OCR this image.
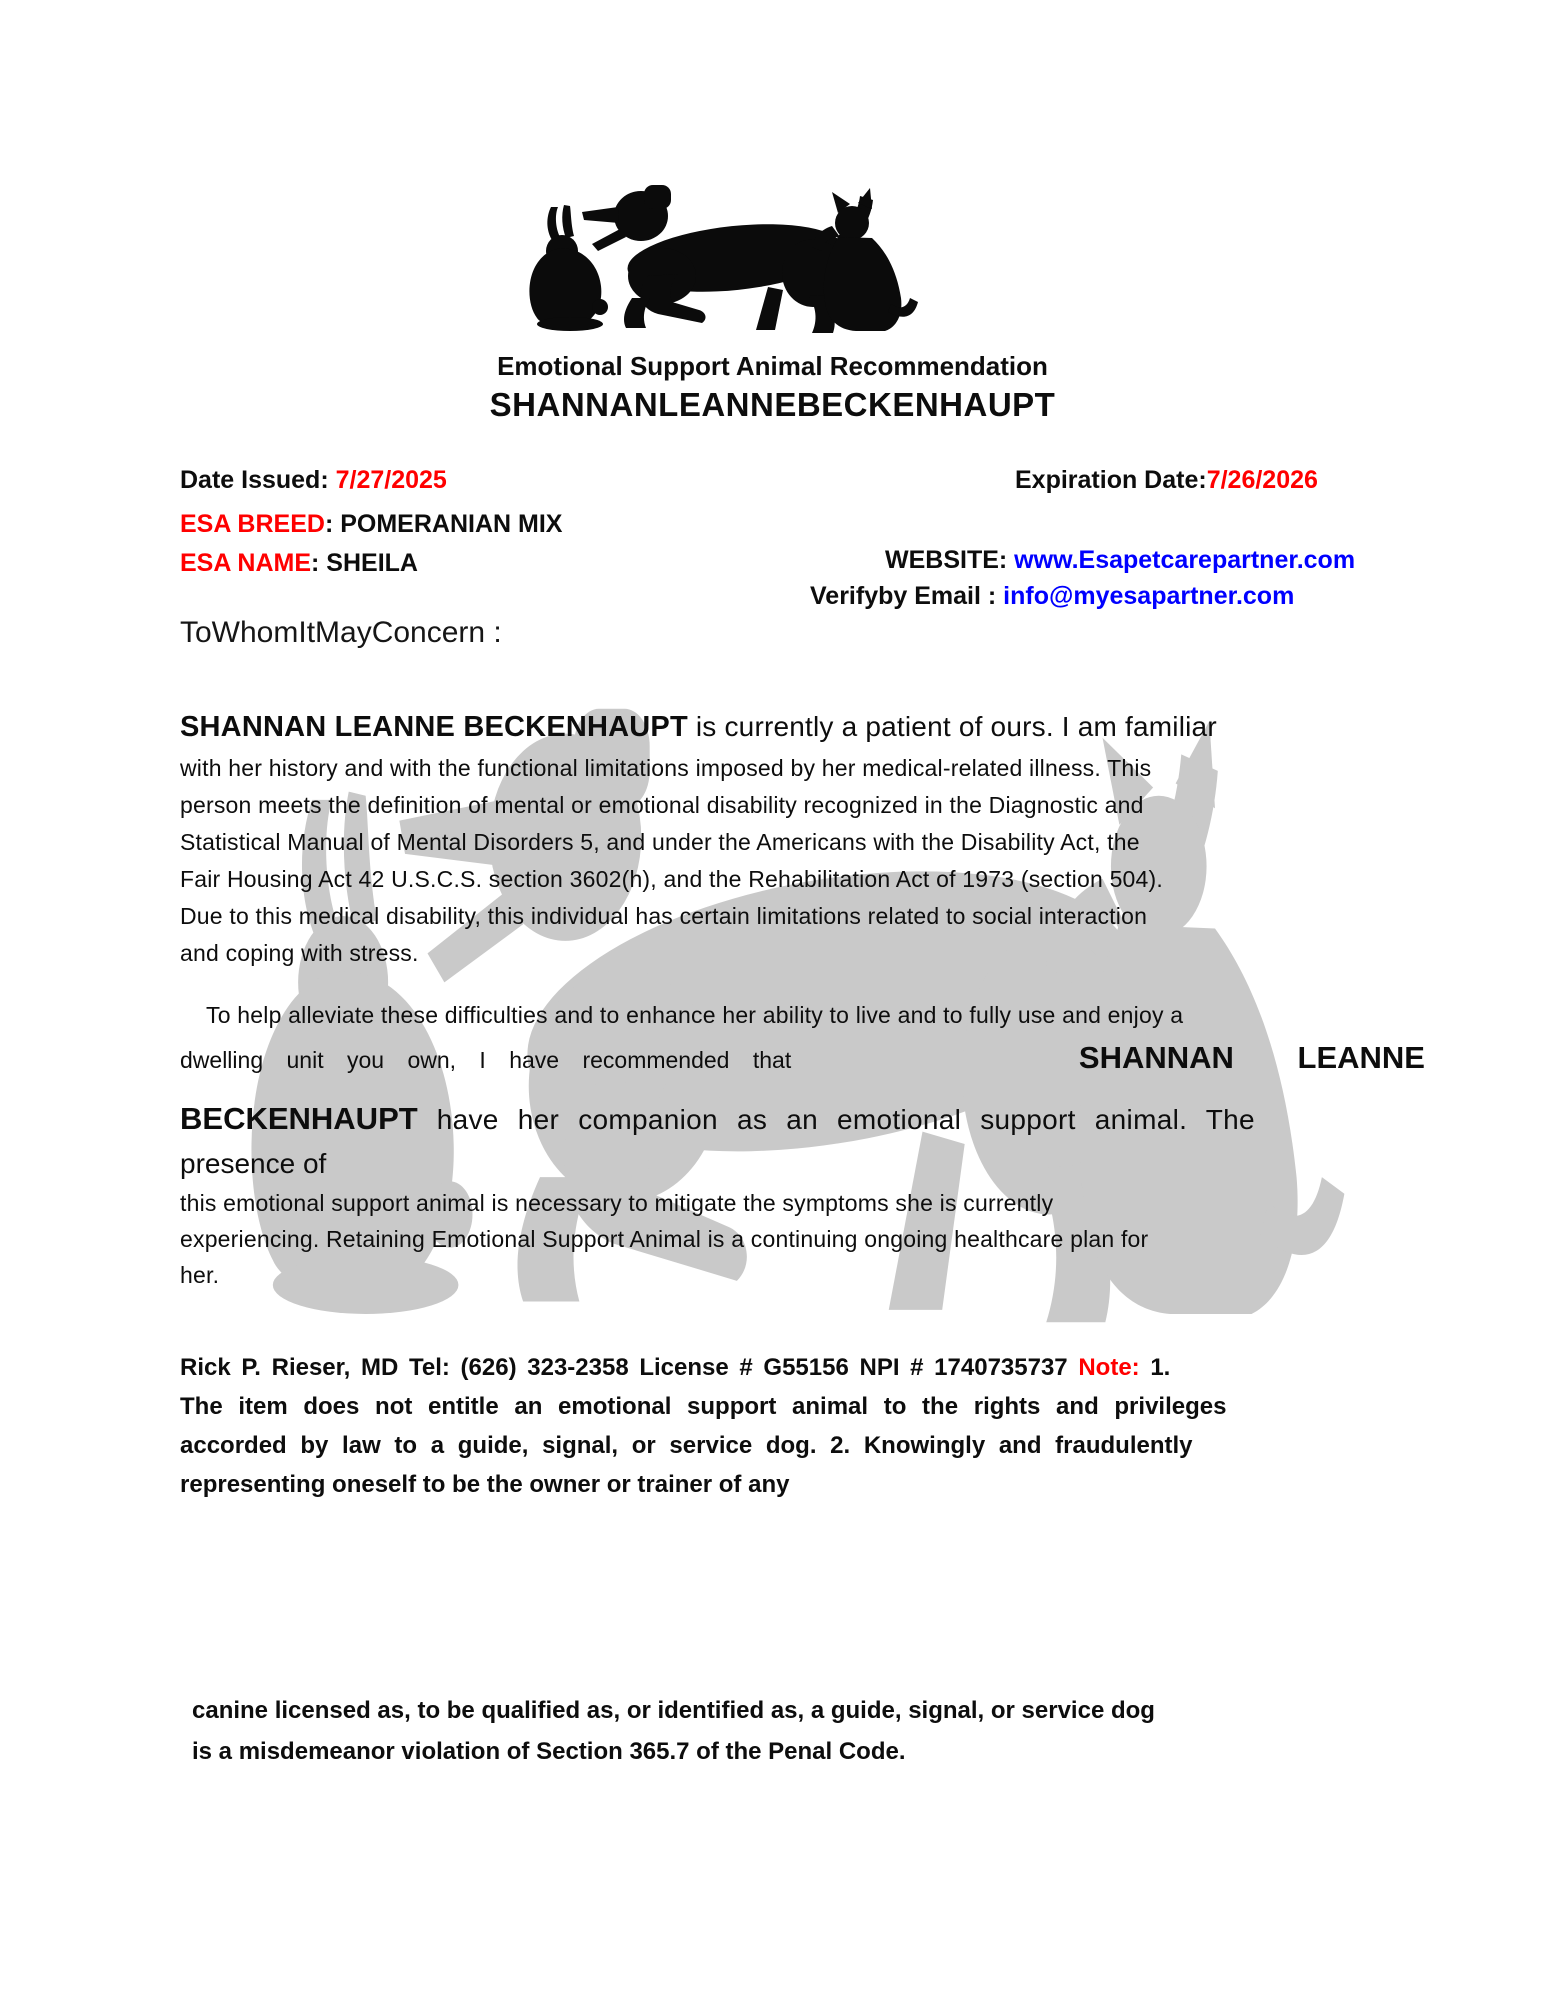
Emotional Support Animal Recommendation
SHANNANLEANNEBECKENHAUPT
Date Issued: 7/27/2025	Expiration Date:7/26/2026
ESA BREED: POMERANIAN MIX
ESA NAME: SHEILA	WEBSITE: www.Esapetcarepartner.com
Verifyby Email : info@myesapartner.com
ToWhomItMayConcern :
SHANNAN LEANNE BECKENHAUPT is currently a patient of ours. I am familiar
with her history and with the functional limitations imposed by her medical-related illness. This
person meets the definition of mental or emotional disability recognized in the Diagnostic and
Statistical Manual of Mental Disorders 5, and under the Americans with the Disability Act, the
Fair Housing Act 42 U.S.C.S. section 3602(h), and the Rehabilitation Act of 1973 (section 504).
Due to this medical disability, this individual has certain limitations related to social interaction
and coping with stress.
To help alleviate these difficulties and to enhance her ability to live and to fully use and enjoy a
dwelling unit you own, I have recommended that	SHANNAN LEANNE
BECKENHAUPT have her companion as an emotional support animal. The
presence of
this emotional support animal is necessary to mitigate the symptoms she is currently
experiencing. Retaining Emotional Support Animal is a continuing ongoing healthcare plan for
her.
Rick P. Rieser, MD Tel: (626) 323-2358 License # G55156 NPI # 1740735737 Note: 1.
The item does not entitle an emotional support animal to the rights and privileges
accorded by law to a guide, signal, or service dog. 2. Knowingly and fraudulently
representing oneself to be the owner or trainer of any
canine licensed as, to be qualified as, or identified as, a guide, signal, or service dog
is a misdemeanor violation of Section 365.7 of the Penal Code.
